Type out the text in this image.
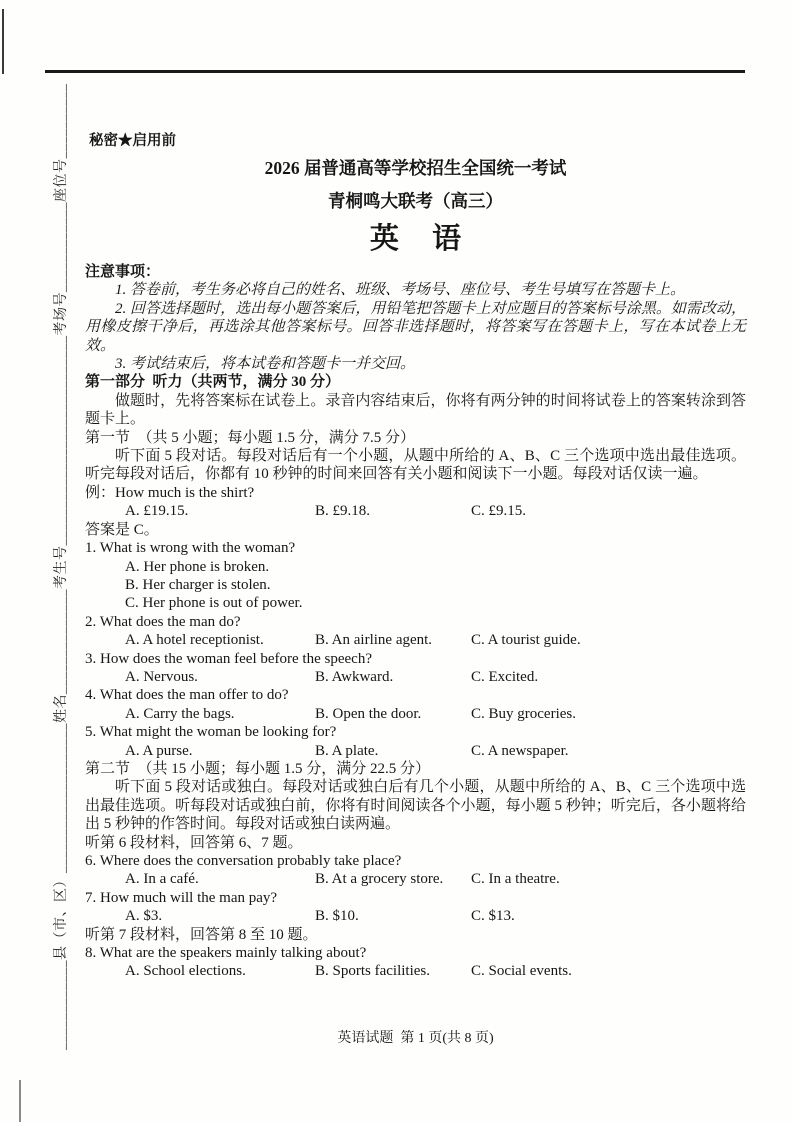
____________县（市、区）____________________姓名______________考生号____________________________考场号____________座位号__________	秘密★启用前
2026 届普通高等学校招生全国统一考试
青桐鸣大联考（高三）
英 语

注意事项：

1. 答卷前，考生务必将自己的姓名、班级、考场号、座位号、考生号填写在答题卡上。

2. 回答选择题时，选出每小题答案后，用铅笔把答题卡上对应题目的答案标号涂黑。如需改动，用橡皮擦干净后，再选涂其他答案标号。回答非选择题时，将答案写在答题卡上，写在本试卷上无效。

3. 考试结束后，将本试卷和答题卡一并交回。

第一部分  听力（共两节，满分 30 分）

做题时，先将答案标在试卷上。录音内容结束后，你将有两分钟的时间将试卷上的答案转涂到答题卡上。

第一节  （共 5 小题；每小题 1.5 分，满分 7.5 分）

听下面 5 段对话。每段对话后有一个小题，从题中所给的 A、B、C 三个选项中选出最佳选项。听完每段对话后，你都有 10 秒钟的时间来回答有关小题和阅读下一小题。每段对话仅读一遍。

例：How much is the shirt?

A. £19.15.	B. £9.18.	C. £9.15.

答案是 C。

1. What is wrong with the woman?

A. Her phone is broken.

B. Her charger is stolen.

C. Her phone is out of power.

2. What does the man do?

A. A hotel receptionist.	B. An airline agent.	C. A tourist guide.

3. How does the woman feel before the speech?

A. Nervous.	B. Awkward.	C. Excited.

4. What does the man offer to do?

A. Carry the bags.	B. Open the door.	C. Buy groceries.

5. What might the woman be looking for?

A. A purse.	B. A plate.	C. A newspaper.

第二节  （共 15 小题；每小题 1.5 分，满分 22.5 分）

听下面 5 段对话或独白。每段对话或独白后有几个小题，从题中所给的 A、B、C 三个选项中选出最佳选项。听每段对话或独白前，你将有时间阅读各个小题，每小题 5 秒钟；听完后，各小题将给出 5 秒钟的作答时间。每段对话或独白读两遍。

听第 6 段材料，回答第 6、7 题。

6. Where does the conversation probably take place?

A. In a café.	B. At a grocery store.	C. In a theatre.

7. How much will the man pay?

A. $3.	B. $10.	C. $13.

听第 7 段材料，回答第 8 至 10 题。

8. What are the speakers mainly talking about?

A. School elections.	B. Sports facilities.	C. Social events.
英语试题  第 1 页(共 8 页)
